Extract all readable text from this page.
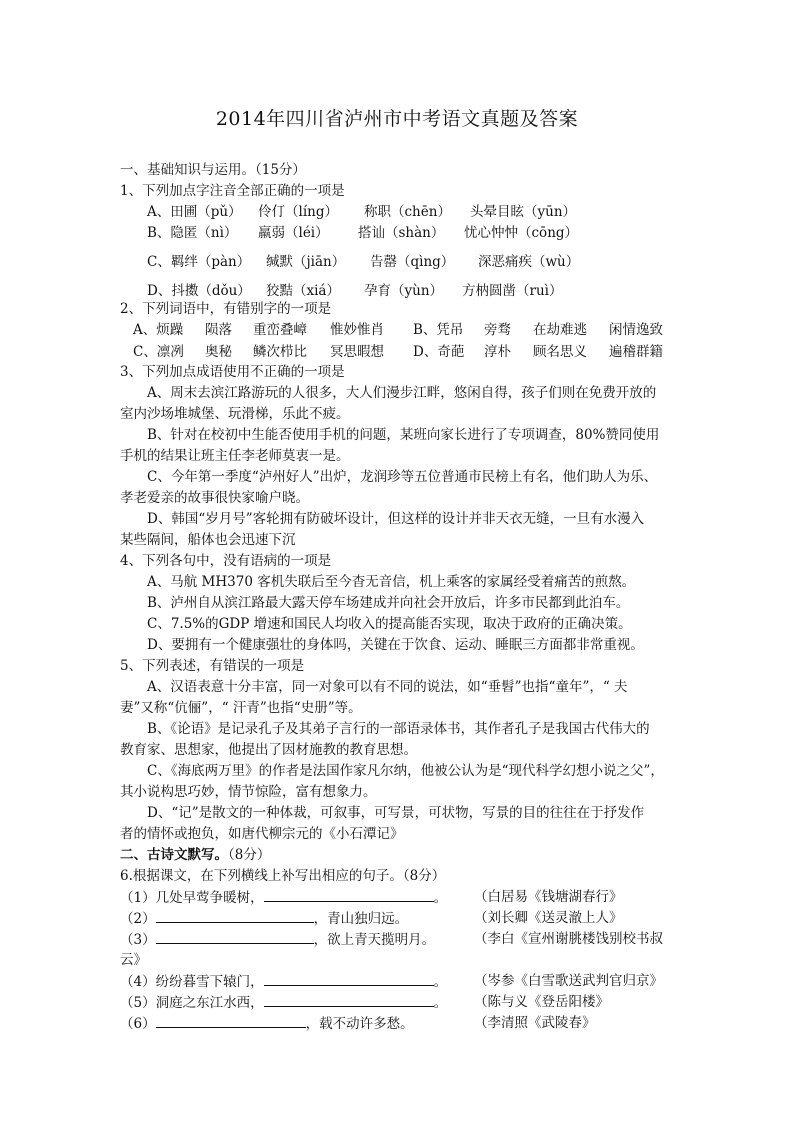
2014年四川省泸州市中考语文真题及答案
一、基础知识与运用。（15分）
1、下列加点字注音全部正确的一项是
A、田圃（pǔ） 伶仃（líng） 称职（chēn） 头晕目眩（yūn）
B、隐匿（nì） 羸弱（léi） 搭讪（shàn） 忧心忡忡（cōng）
C、羁绊（pàn） 缄默（jiān） 告罄（qìng） 深恶痛疾（wù）
D、抖擞（dǒu） 狡黠（xiá） 孕育（yùn） 方枘圆凿（ruì）
2、下列词语中，有错别字的一项是
A、烦躁 陨落 重峦叠嶂 惟妙惟肖 B、凭吊 旁骛 在劫难逃 闲情逸致
C、凛冽 奥秘 鳞次栉比 冥思暇想 D、奇葩 淳朴 顾名思义 遍稽群籍
3、下列加点成语使用不正确的一项是
A、周末去滨江路游玩的人很多，大人们漫步江畔，悠闲自得，孩子们则在免费开放的
室内沙场堆城堡、玩滑梯，乐此不疲。
B、针对在校初中生能否使用手机的问题，某班向家长进行了专项调查，80%赞同使用
手机的结果让班主任李老师莫衷一是。
C、今年第一季度“泸州好人”出炉，龙润珍等五位普通市民榜上有名，他们助人为乐、
孝老爱亲的故事很快家喻户晓。
D、韩国“岁月号”客轮拥有防破坏设计，但这样的设计并非天衣无缝，一旦有水漫入
某些隔间，船体也会迅速下沉
4、下列各句中，没有语病的一项是
A、马航 MH370 客机失联后至今杳无音信，机上乘客的家属经受着痛苦的煎熬。
B、泸州自从滨江路最大露天停车场建成并向社会开放后，许多市民都到此泊车。
C、7.5%的GDP 增速和国民人均收入的提高能否实现，取决于政府的正确决策。
D、要拥有一个健康强壮的身体吗，关键在于饮食、运动、睡眠三方面都非常重视。
5、下列表述，有错误的一项是
A、汉语表意十分丰富，同一对象可以有不同的说法，如“垂髫”也指“童年”，“ 夫
妻”又称“伉俪”，“ 汗青”也指“史册”等。
B、《论语》是记录孔子及其弟子言行的一部语录体书，其作者孔子是我国古代伟大的
教育家、思想家，他提出了因材施教的教育思想。
C、《海底两万里》的作者是法国作家凡尔纳，他被公认为是“现代科学幻想小说之父”，
其小说构思巧妙，情节惊险，富有想象力。
D、“记”是散文的一种体裁，可叙事，可写景，可状物，写景的目的往往在于抒发作
者的情怀或抱负，如唐代柳宗元的《小石潭记》
二、古诗文默写。（8分）
6.根据课文，在下列横线上补写出相应的句子。（8分）
（1）几处早莺争暖树，	。 （白居易《钱塘湖春行》
（2）	，青山独归远。	（刘长卿《送灵澈上人》
（3）	，欲上青天揽明月。	（李白《宣州谢朓楼饯别校书叔
云》
（4）纷纷暮雪下辕门，	。 （岑参《白雪歌送武判官归京》
（5）洞庭之东江水西，	。 （陈与义《登岳阳楼》
（6）	，载不动许多愁。	（李清照《武陵春》
